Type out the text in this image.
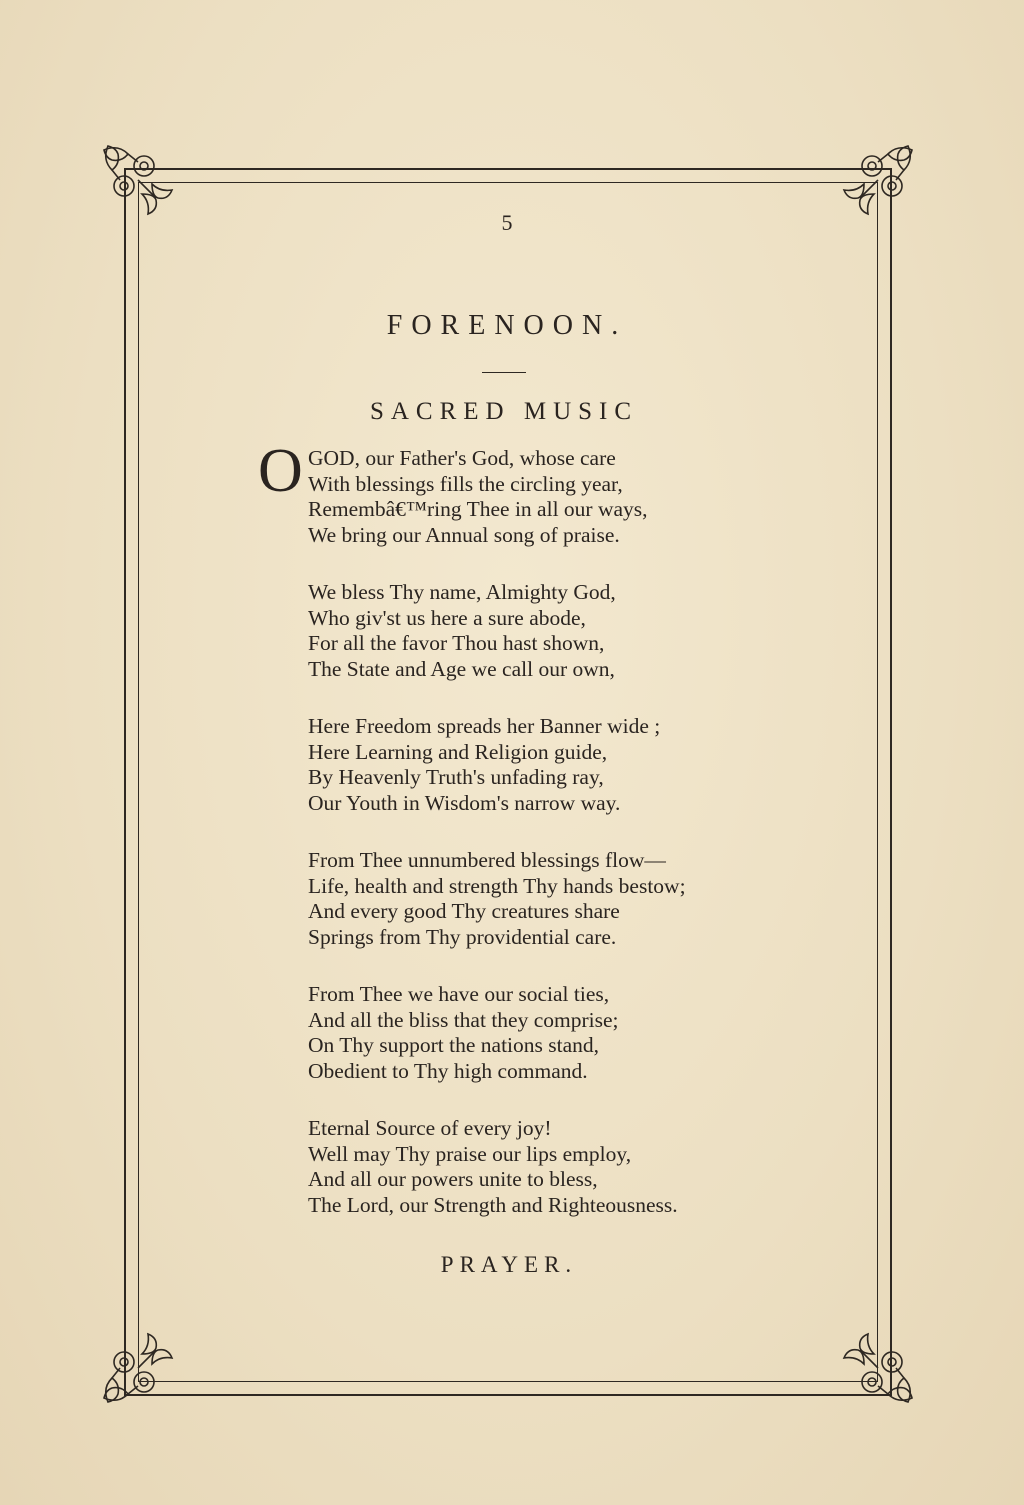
5
FORENOON.
SACRED MUSIC
O GOD, our Father's God, whose care
With blessings fills the circling year,
Remembâ€™ring Thee in all our ways,
We bring our Annual song of praise.
We bless Thy name, Almighty God,
Who giv'st us here a sure abode,
For all the favor Thou hast shown,
The State and Age we call our own,
Here Freedom spreads her Banner wide ;
Here Learning and Religion guide,
By Heavenly Truth's unfading ray,
Our Youth in Wisdom's narrow way.
From Thee unnumbered blessings flow—
Life, health and strength Thy hands bestow;
And every good Thy creatures share
Springs from Thy providential care.
From Thee we have our social ties,
And all the bliss that they comprise;
On Thy support the nations stand,
Obedient to Thy high command.
Eternal Source of every joy!
Well may Thy praise our lips employ,
And all our powers unite to bless,
The Lord, our Strength and Righteousness.
PRAYER.
